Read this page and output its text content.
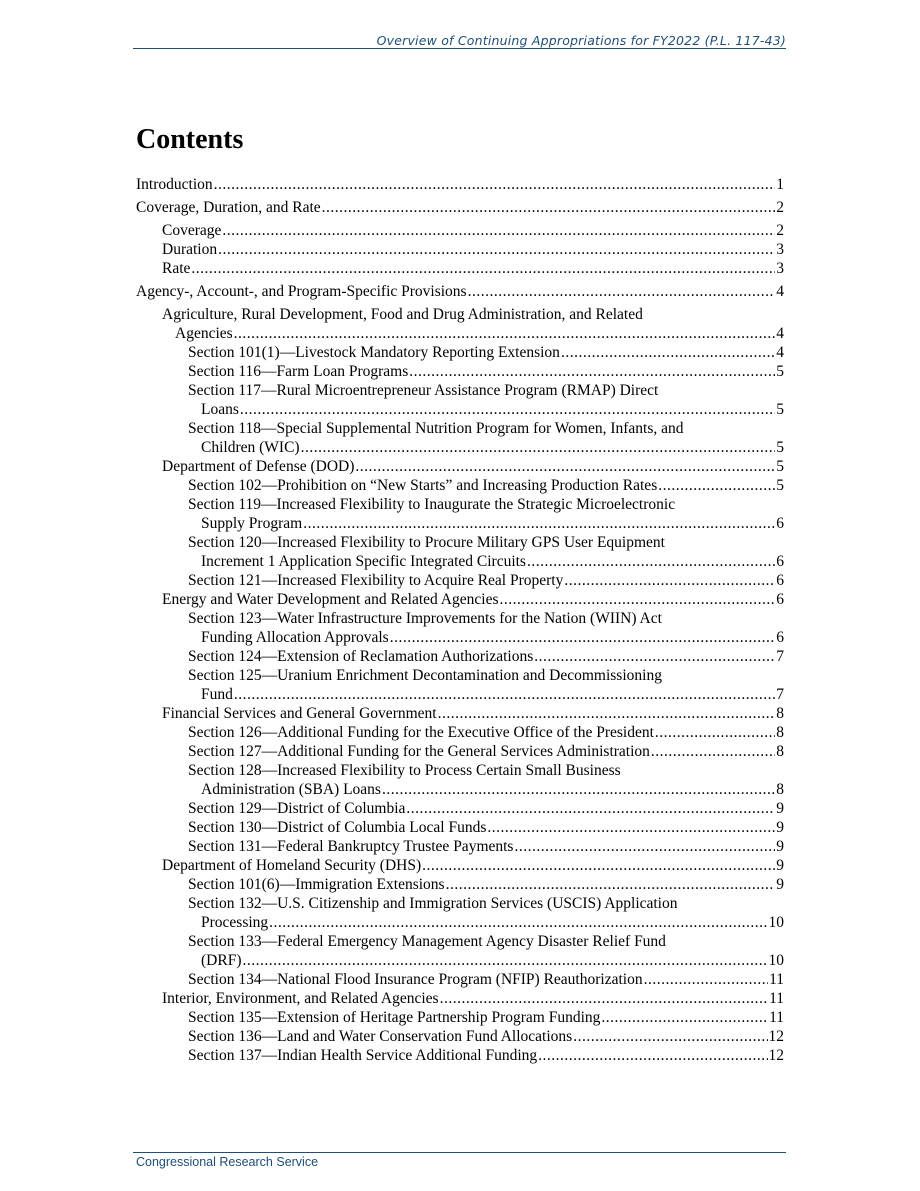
Overview of Continuing Appropriations for FY2022 (P.L. 117-43)
Contents
Introduction .....	1
Coverage, Duration, and Rate .....	2
Coverage .....	2
Duration .....	3
Rate .....	3
Agency-, Account-, and Program-Specific Provisions .....	4
Agriculture, Rural Development, Food and Drug Administration, and Related
Agencies .....	4
Section 101(1)—Livestock Mandatory Reporting Extension .....	4
Section 116—Farm Loan Programs .....	5
Section 117—Rural Microentrepreneur Assistance Program (RMAP) Direct
Loans .....	5
Section 118—Special Supplemental Nutrition Program for Women, Infants, and
Children (WIC) .....	5
Department of Defense (DOD) .....	5
Section 102—Prohibition on “New Starts” and Increasing Production Rates .....	5
Section 119—Increased Flexibility to Inaugurate the Strategic Microelectronic
Supply Program .....	6
Section 120—Increased Flexibility to Procure Military GPS User Equipment
Increment 1 Application Specific Integrated Circuits .....	6
Section 121—Increased Flexibility to Acquire Real Property .....	6
Energy and Water Development and Related Agencies .....	6
Section 123—Water Infrastructure Improvements for the Nation (WIIN) Act
Funding Allocation Approvals .....	6
Section 124—Extension of Reclamation Authorizations .....	7
Section 125—Uranium Enrichment Decontamination and Decommissioning
Fund .....	7
Financial Services and General Government .....	8
Section 126—Additional Funding for the Executive Office of the President .....	8
Section 127—Additional Funding for the General Services Administration .....	8
Section 128—Increased Flexibility to Process Certain Small Business
Administration (SBA) Loans .....	8
Section 129—District of Columbia .....	9
Section 130—District of Columbia Local Funds .....	9
Section 131—Federal Bankruptcy Trustee Payments .....	9
Department of Homeland Security (DHS) .....	9
Section 101(6)—Immigration Extensions .....	9
Section 132—U.S. Citizenship and Immigration Services (USCIS) Application
Processing .....	10
Section 133—Federal Emergency Management Agency Disaster Relief Fund
(DRF) .....	10
Section 134—National Flood Insurance Program (NFIP) Reauthorization .....	11
Interior, Environment, and Related Agencies .....	11
Section 135—Extension of Heritage Partnership Program Funding .....	11
Section 136—Land and Water Conservation Fund Allocations .....	12
Section 137—Indian Health Service Additional Funding .....	12
Congressional Research Service
